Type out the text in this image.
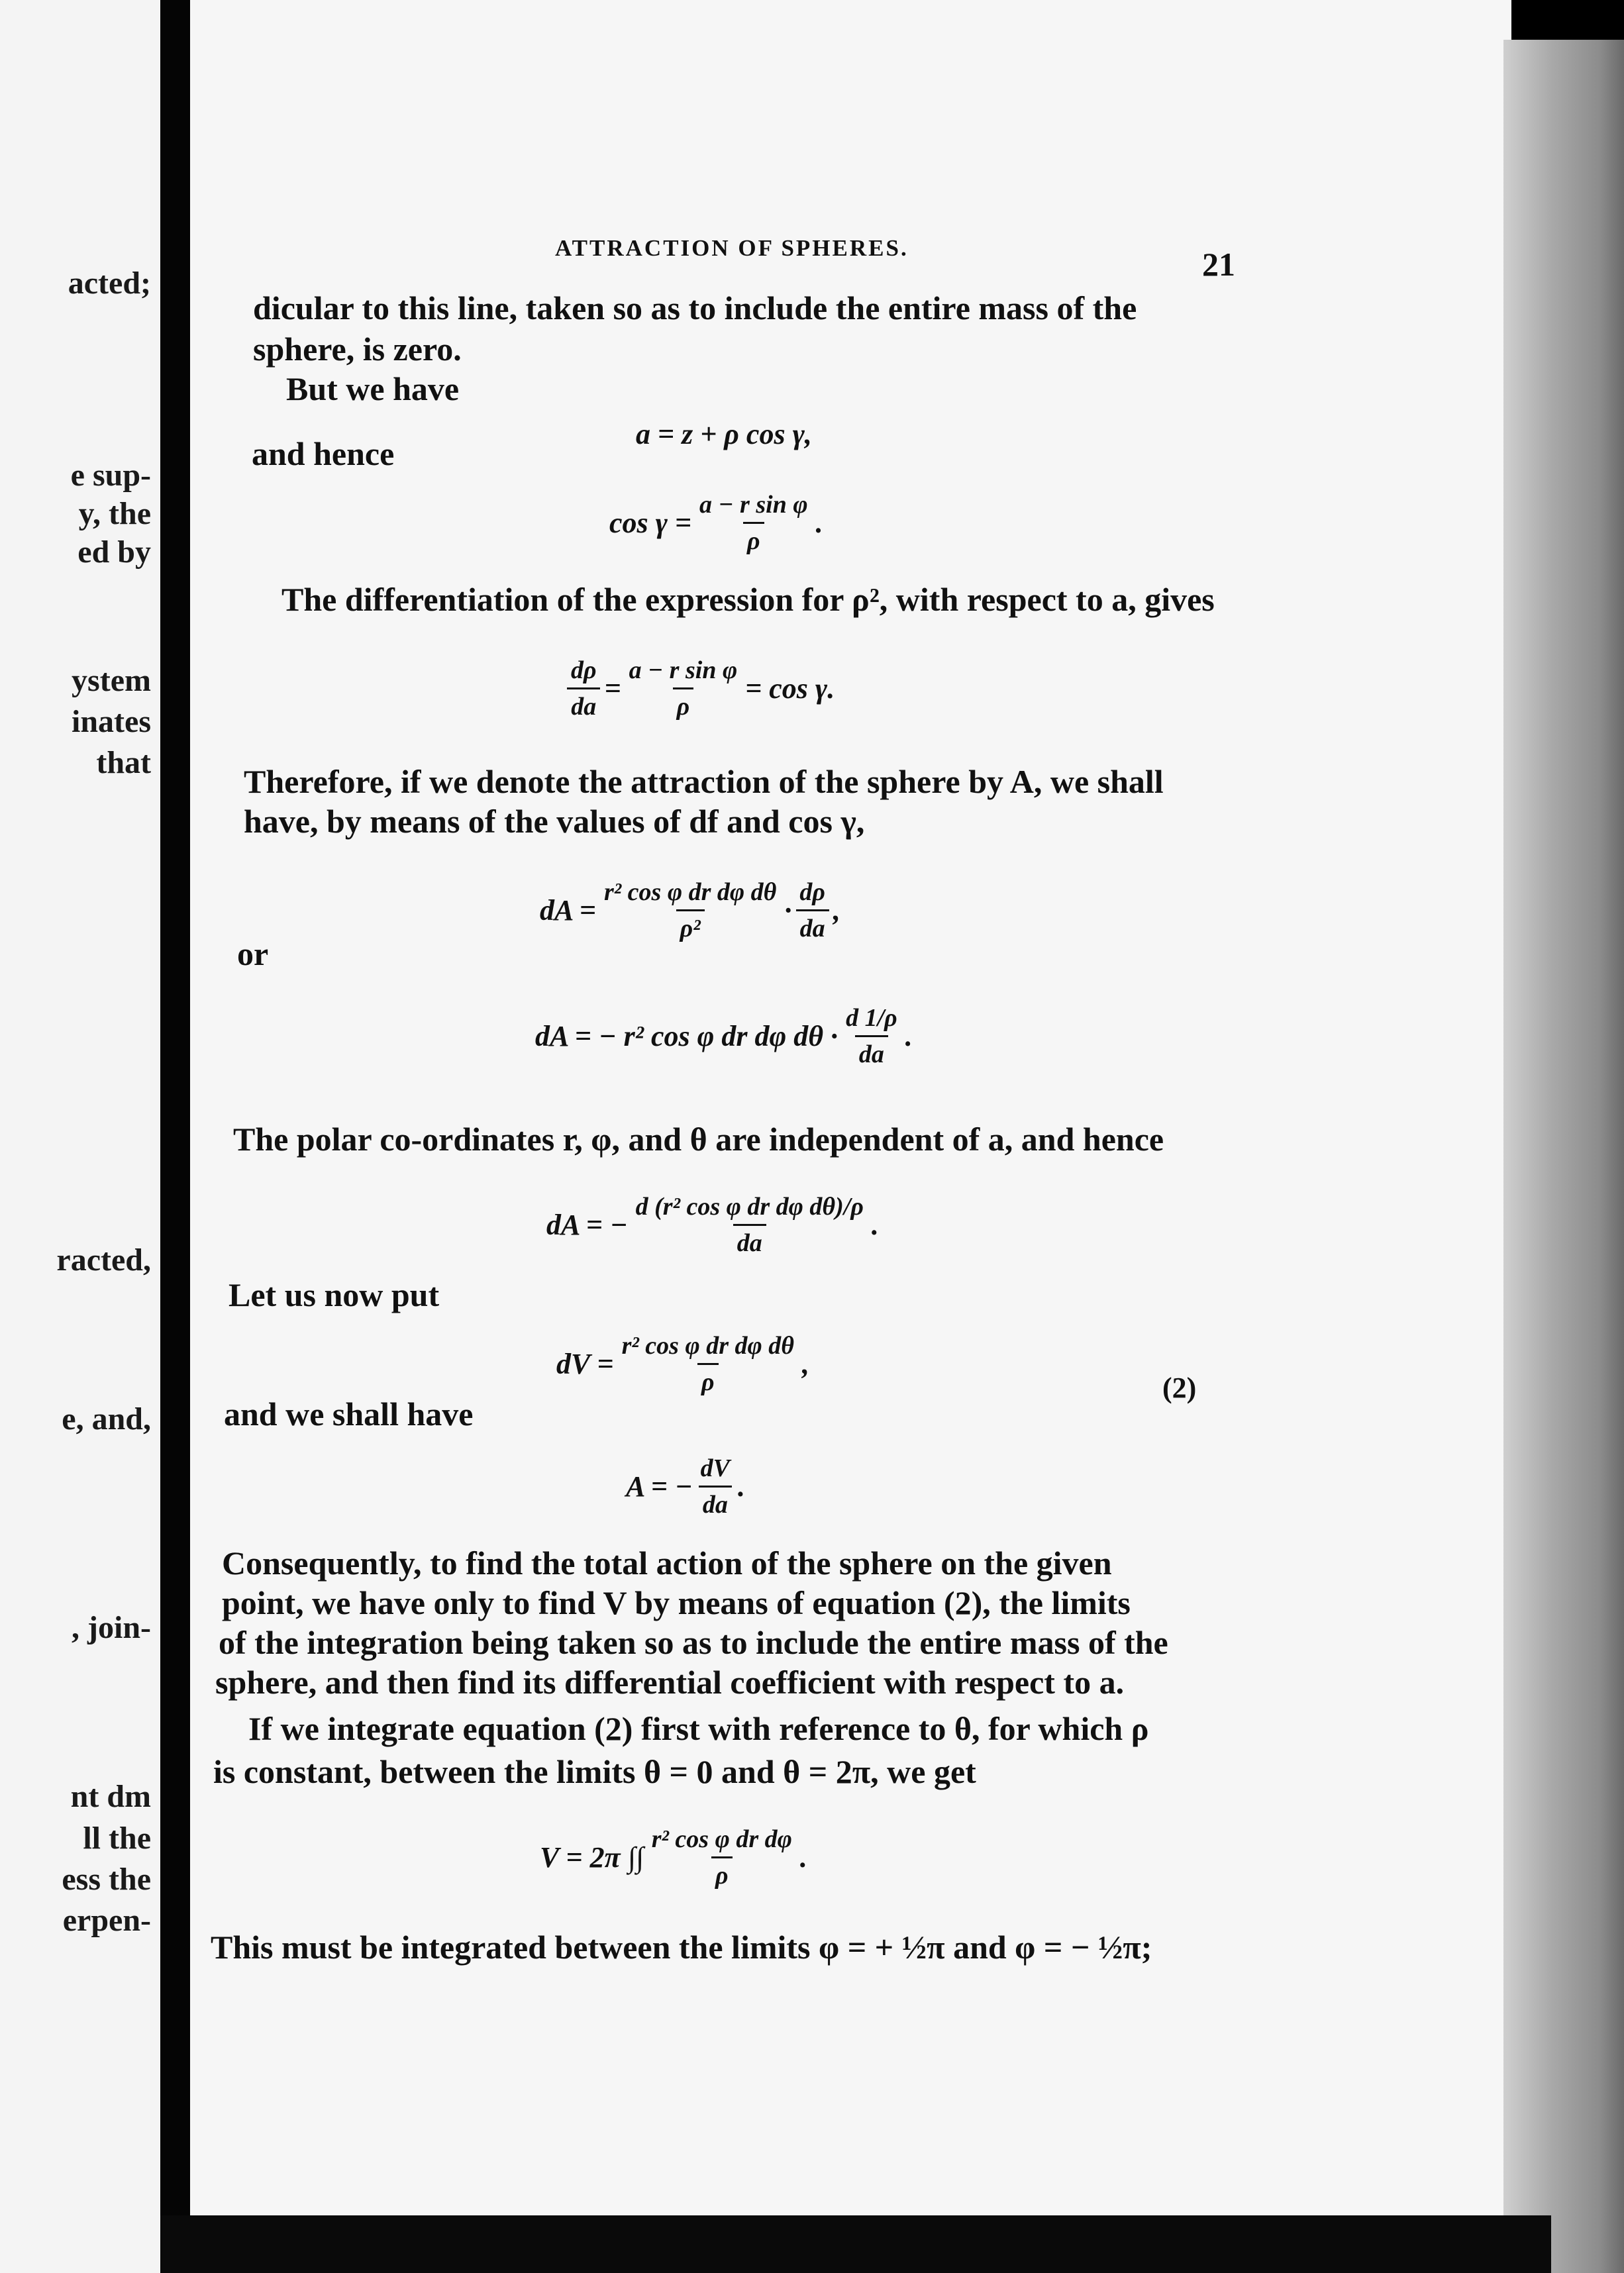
acted;
e sup-
y, the
ed by
ystem
inates
that
racted,
e, and,
, join-
nt dm
ll the
ess the
erpen-
ATTRACTION OF SPHERES.	21
dicular to this line, taken so as to include the entire mass of the
sphere, is zero.
But we have
a = z + ρ cos γ,
and hence
$\cos \gamma = \frac{\text{a − r sin φ}}{\rho}$ .
The differentiation of the expression for ρ², with respect to a, gives
$\frac{d\rho}{da} = \frac{\text{a − r sin φ}}{\rho} = \cos \gamma$.
Therefore, if we denote the attraction of the sphere by A, we shall
have, by means of the values of df and cos γ,
dA = $\frac{\text{r² cos φ dr dφ dθ}}{\text{ρ²}} \cdot \frac{d\rho}{da}$ ,
or
dA = − r² cos φ dr dφ $d\theta \cdot \frac{d 1/\rho}{da}$ .
The polar co-ordinates r, φ, and θ are independent of a, and hence
dA = − $\frac{\text{d (r² cos φ dr dφ dθ)/ρ}}{da}$ .
Let us now put
dV = $\frac{\text{r² cos φ dr dφ dθ}}{\rho}$ ,
(2)
and we shall have
A = − $\frac{dV}{da}$ .
Consequently, to find the total action of the sphere on the given
point, we have only to find V by means of equation (2), the limits
of the integration being taken so as to include the entire mass of the
sphere, and then find its differential coefficient with respect to a.
If we integrate equation (2) first with reference to θ, for which ρ
is constant, between the limits θ = 0 and θ = 2π, we get
V = 2π ∫∫ $\frac{\text{r² cos φ dr dφ}}{\rho}$ .
This must be integrated between the limits φ = + ½π and φ = − ½π;
